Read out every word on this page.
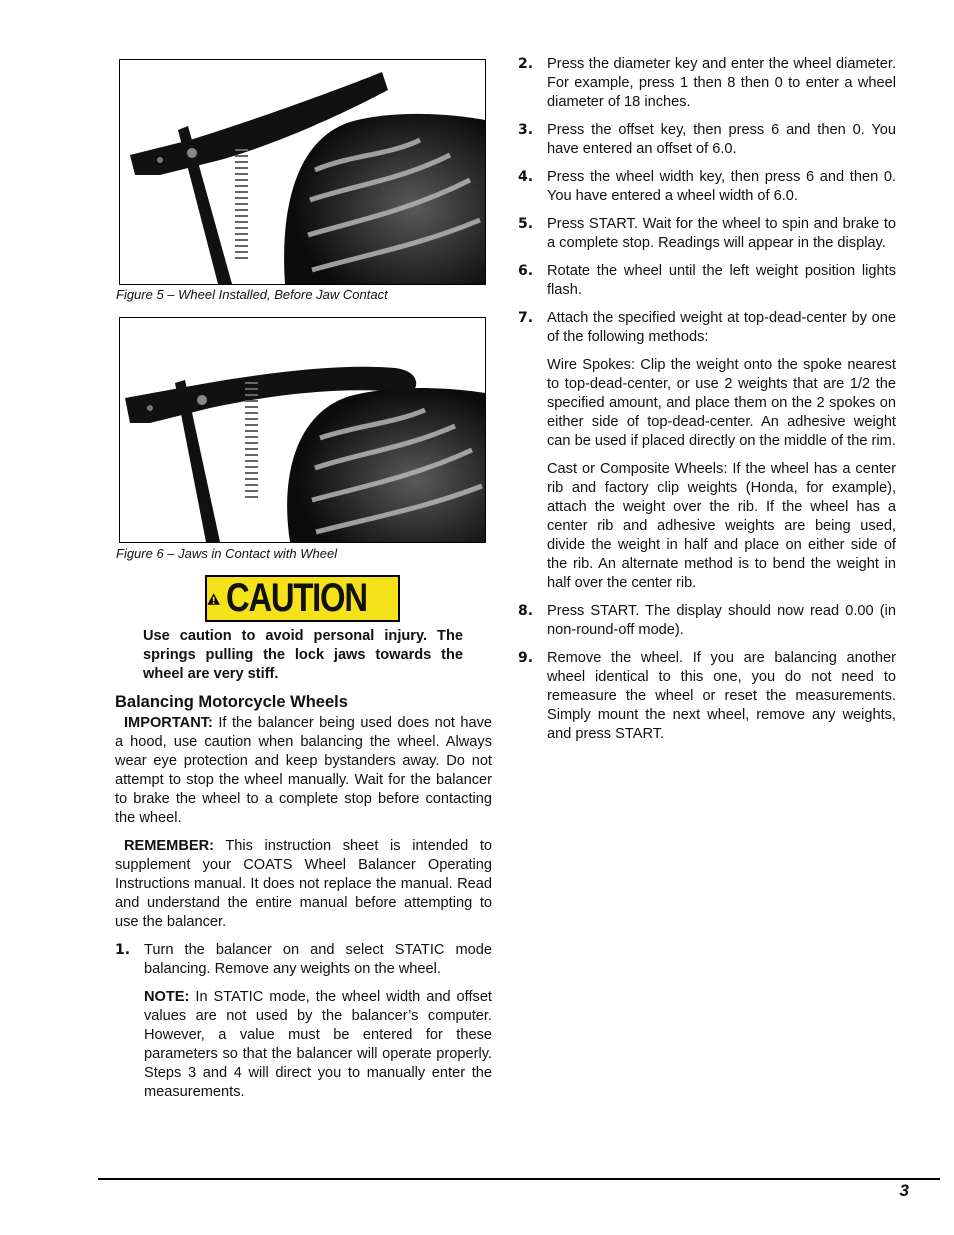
Figure 5 – Wheel Installed, Before Jaw Contact
Figure 6 – Jaws in Contact with Wheel
CAUTION
Use caution to avoid personal injury. The springs pulling the lock jaws towards the wheel are very stiff.
Balancing Motorcycle Wheels

IMPORTANT: If the balancer being used does not have a hood, use caution when balancing the wheel. Always wear eye protection and keep bystanders away. Do not attempt to stop the wheel manually. Wait for the balancer to brake the wheel to a complete stop before contacting the wheel.

REMEMBER: This instruction sheet is intended to supplement your COATS Wheel Balancer Operating Instructions manual. It does not replace the manual. Read and understand the entire manual before attempting to use the balancer.

1. Turn the balancer on and select STATIC mode balancing. Remove any weights on the wheel.
NOTE: In STATIC mode, the wheel width and offset values are not used by the balancer’s computer. However, a value must be entered for these parameters so that the balancer will operate properly. Steps 3 and 4 will direct you to manually enter the measurements.
2. Press the diameter key and enter the wheel diameter. For example, press 1 then 8 then 0 to enter a wheel diameter of 18 inches.
3. Press the offset key, then press 6 and then 0. You have entered an offset of 6.0.
4. Press the wheel width key, then press 6 and then 0. You have entered a wheel width of 6.0.
5. Press START. Wait for the wheel to spin and brake to a complete stop. Readings will appear in the display.
6. Rotate the wheel until the left weight position lights flash.
7. Attach the specified weight at top-dead-center by one of the following methods:
Wire Spokes: Clip the weight onto the spoke nearest to top-dead-center, or use 2 weights that are 1/2 the specified amount, and place them on the 2 spokes on either side of top-dead-center. An adhesive weight can be used if placed directly on the middle of the rim.
Cast or Composite Wheels: If the wheel has a center rib and factory clip weights (Honda, for example), attach the weight over the rib. If the wheel has a center rib and adhesive weights are being used, divide the weight in half and place on either side of the rib. An alternate method is to bend the weight in half over the center rib.
8. Press START. The display should now read 0.00 (in non-round-off mode).
9. Remove the wheel. If you are balancing another wheel identical to this one, you do not need to remeasure the wheel or reset the measurements. Simply mount the next wheel, remove any weights, and press START.
3
